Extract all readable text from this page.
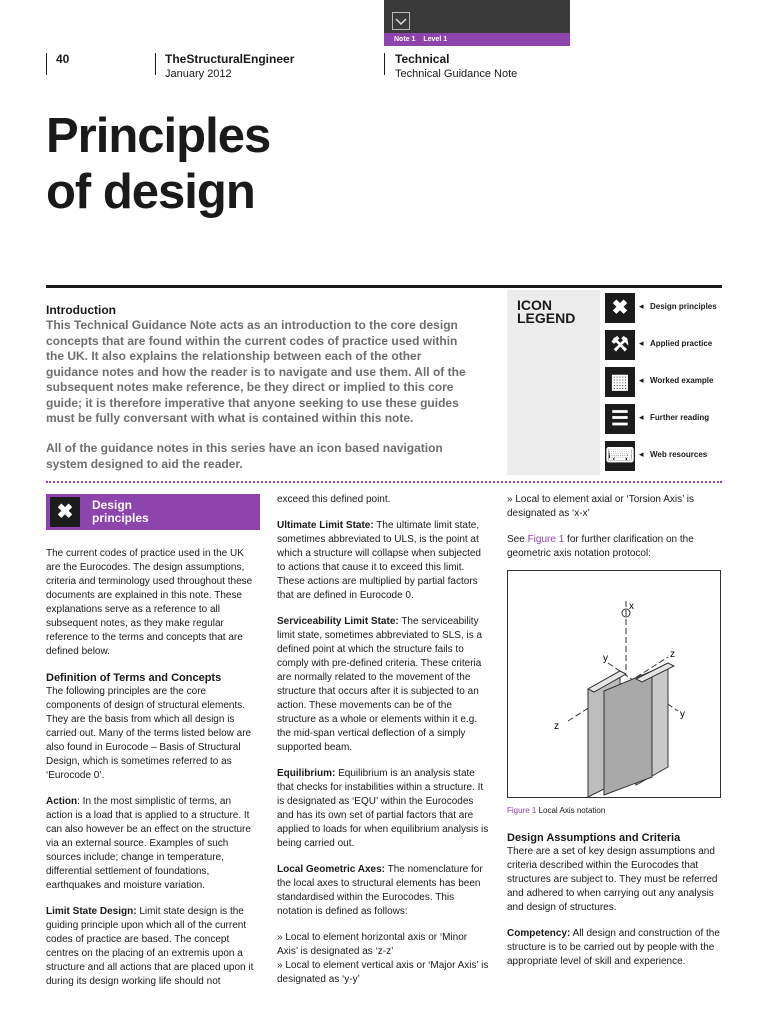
Note 1 Level 1
40	TheStructuralEngineer
January 2012
Technical
Technical Guidance Note
Principles
of design
Introduction
This Technical Guidance Note acts as an introduction to the core design concepts that are found within the current codes of practice used within the UK. It also explains the relationship between each of the other guidance notes and how the reader is to navigate and use them. All of the subsequent notes make reference, be they direct or implied to this core guide; it is therefore imperative that anyone seeking to use these guides must be fully conversant with what is contained within this note.
All of the guidance notes in this series have an icon based navigation system designed to aid the reader.
ICON
LEGEND	✖	◂ Design principles
⚒	◂ Applied practice
▦	◂ Worked example
☰	◂ Further reading
⌨ ◂ Web resources
✖	Design
principles

The current codes of practice used in the UK are the Eurocodes. The design assumptions, criteria and terminology used throughout these documents are explained in this note. These explanations serve as a reference to all subsequent notes, as they make regular reference to the terms and concepts that are defined below.

Definition of Terms and Concepts

The following principles are the core components of design of structural elements. They are the basis from which all design is carried out. Many of the terms listed below are also found in Eurocode – Basis of Structural Design, which is sometimes referred to as ‘Eurocode 0’.

Action: In the most simplistic of terms, an action is a load that is applied to a structure. It can also however be an effect on the structure via an external source. Examples of such sources include; change in temperature, differential settlement of foundations, earthquakes and moisture variation.

Limit State Design: Limit state design is the guiding principle upon which all of the current codes of practice are based. The concept centres on the placing of an extremis upon a structure and all actions that are placed upon it during its design working life should not

exceed this defined point.

Ultimate Limit State: The ultimate limit state, sometimes abbreviated to ULS, is the point at which a structure will collapse when subjected to actions that cause it to exceed this limit. These actions are multiplied by partial factors that are defined in Eurocode 0.

Serviceability Limit State: The serviceability limit state, sometimes abbreviated to SLS, is a defined point at which the structure fails to comply with pre-defined criteria. These criteria are normally related to the movement of the structure that occurs after it is subjected to an action. These movements can be of the structure as a whole or elements within it e.g. the mid-span vertical deflection of a simply supported beam.

Equilibrium: Equilibrium is an analysis state that checks for instabilities within a structure. It is designated as ‘EQU’ within the Eurocodes and has its own set of partial factors that are applied to loads for when equilibrium analysis is being carried out.

Local Geometric Axes: The nomenclature for the local axes to structural elements has been standardised within the Eurocodes. This notation is defined as follows:

» Local to element horizontal axis or ‘Minor Axis’ is designated as ‘z-z’
» Local to element vertical axis or ‘Major Axis’ is designated as ‘y-y’

» Local to element axial or ‘Torsion Axis’ is designated as ‘x-x’

See Figure 1 for further clarification on the geometric axis notation protocol:

x
y
y
z
z
Figure 1 Local Axis notation
Design Assumptions and Criteria

There are a set of key design assumptions and criteria described within the Eurocodes that structures are subject to. They must be referred and adhered to when carrying out any analysis and design of structures.

Competency: All design and construction of the structure is to be carried out by people with the appropriate level of skill and experience.
